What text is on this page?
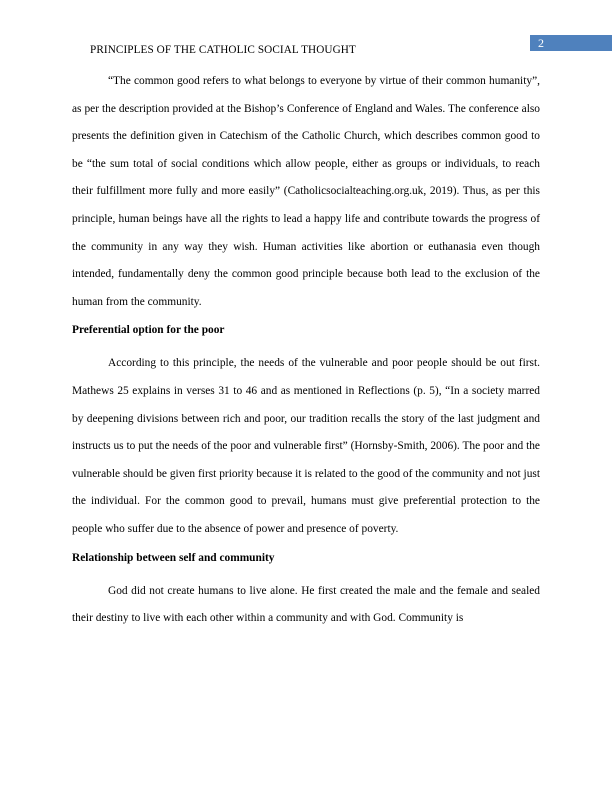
2
PRINCIPLES OF THE CATHOLIC SOCIAL THOUGHT

“The common good refers to what belongs to everyone by virtue of their common humanity”, as per the description provided at the Bishop’s Conference of England and Wales. The conference also presents the definition given in Catechism of the Catholic Church, which describes common good to be “the sum total of social conditions which allow people, either as groups or individuals, to reach their fulfillment more fully and more easily” (Catholicsocialteaching.org.uk, 2019). Thus, as per this principle, human beings have all the rights to lead a happy life and contribute towards the progress of the community in any way they wish. Human activities like abortion or euthanasia even though intended, fundamentally deny the common good principle because both lead to the exclusion of the human from the community.

Preferential option for the poor

According to this principle, the needs of the vulnerable and poor people should be out first. Mathews 25 explains in verses 31 to 46 and as mentioned in Reflections (p. 5), “In a society marred by deepening divisions between rich and poor, our tradition recalls the story of the last judgment and instructs us to put the needs of the poor and vulnerable first” (Hornsby-Smith, 2006). The poor and the vulnerable should be given first priority because it is related to the good of the community and not just the individual. For the common good to prevail, humans must give preferential protection to the people who suffer due to the absence of power and presence of poverty.

Relationship between self and community

God did not create humans to live alone. He first created the male and the female and sealed their destiny to live with each other within a community and with God. Community is
